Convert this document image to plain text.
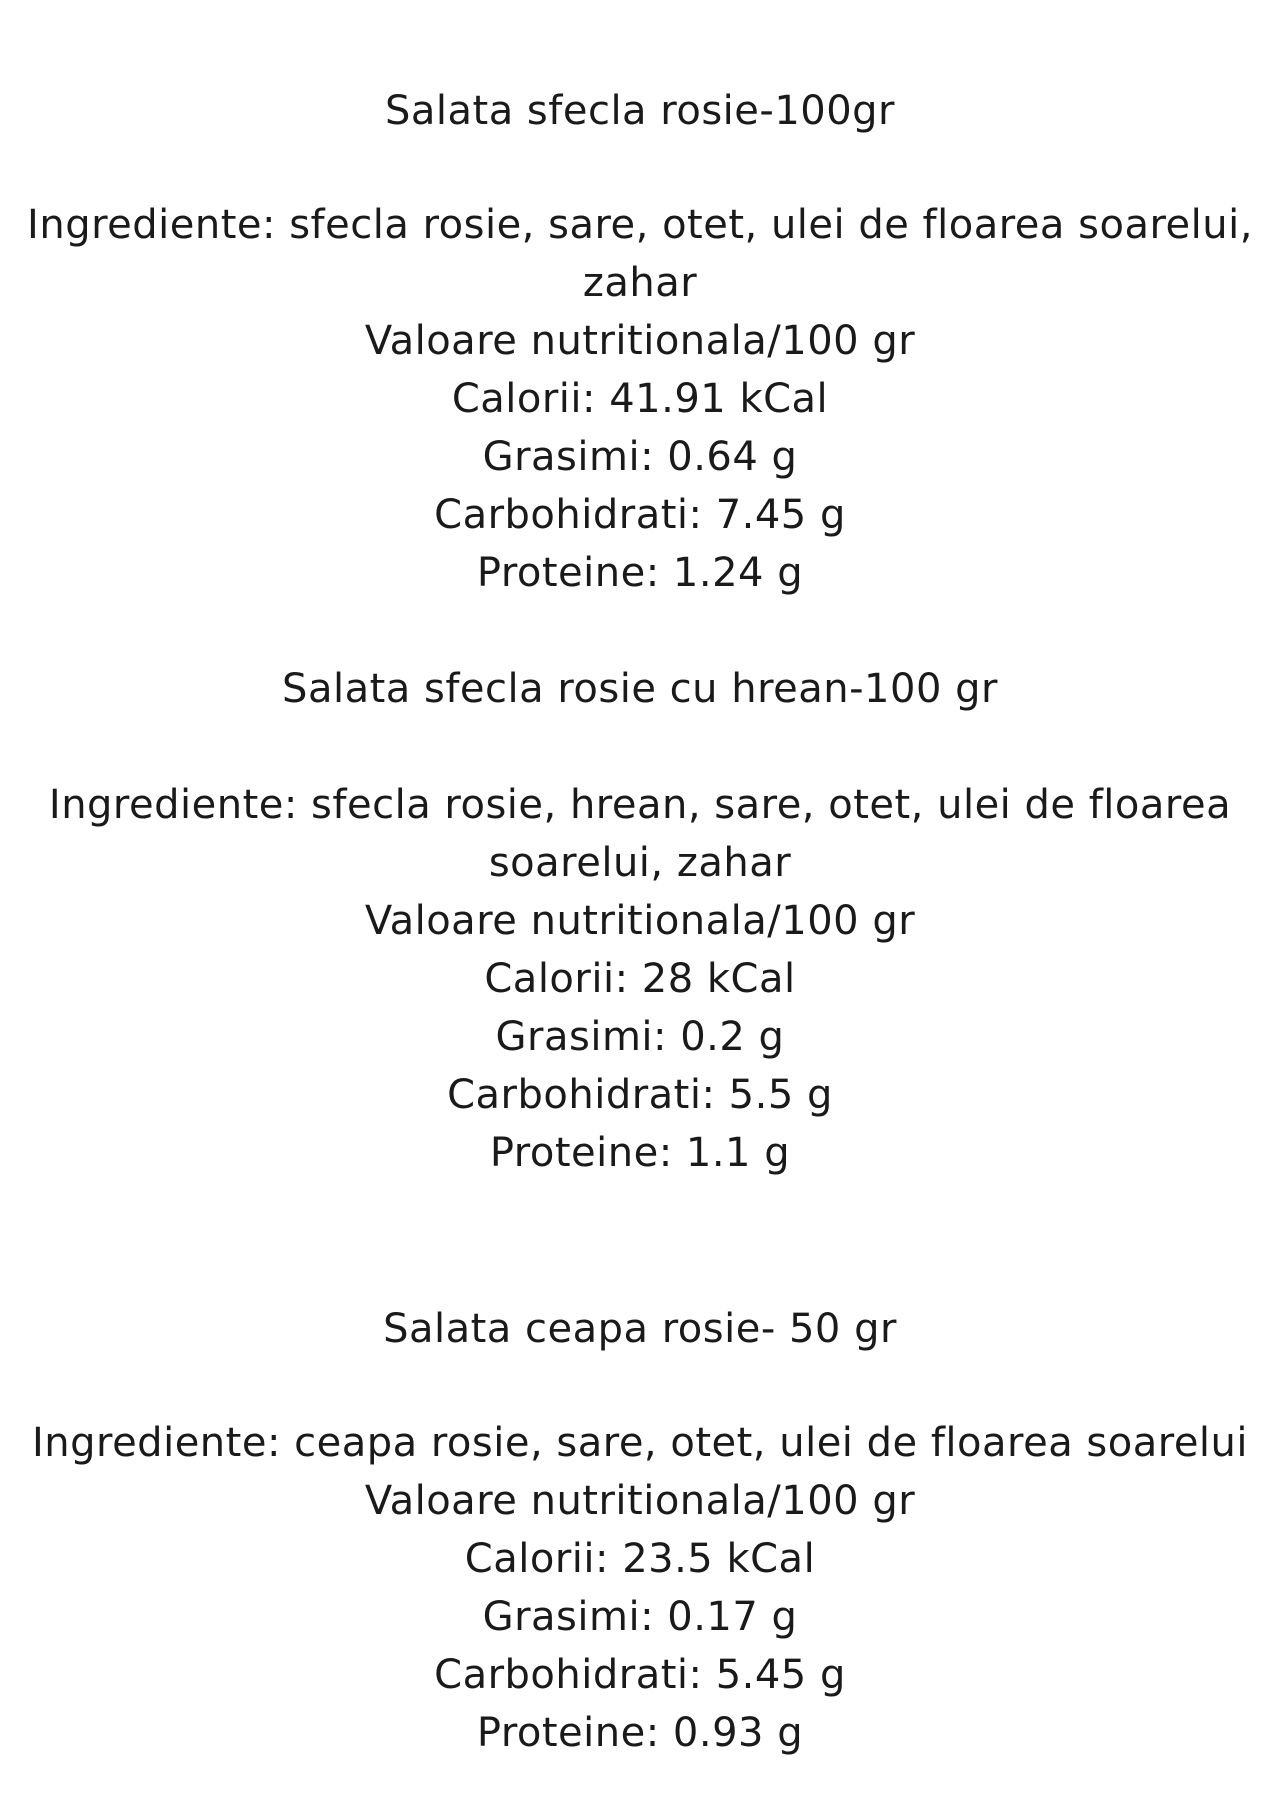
Salata sfecla rosie-100gr

Ingrediente: sfecla rosie, sare, otet, ulei de floarea soarelui, zahar

Valoare nutritionala/100 gr

Calorii: 41.91 kCal

Grasimi: 0.64 g

Carbohidrati: 7.45 g

Proteine: 1.24 g

Salata sfecla rosie cu hrean-100 gr

Ingrediente: sfecla rosie, hrean, sare, otet, ulei de floarea soarelui, zahar

Valoare nutritionala/100 gr

Calorii: 28 kCal

Grasimi: 0.2 g

Carbohidrati: 5.5 g

Proteine: 1.1 g

Salata ceapa rosie- 50 gr

Ingrediente: ceapa rosie, sare, otet, ulei de floarea soarelui

Valoare nutritionala/100 gr

Calorii: 23.5 kCal

Grasimi: 0.17 g

Carbohidrati: 5.45 g

Proteine: 0.93 g
